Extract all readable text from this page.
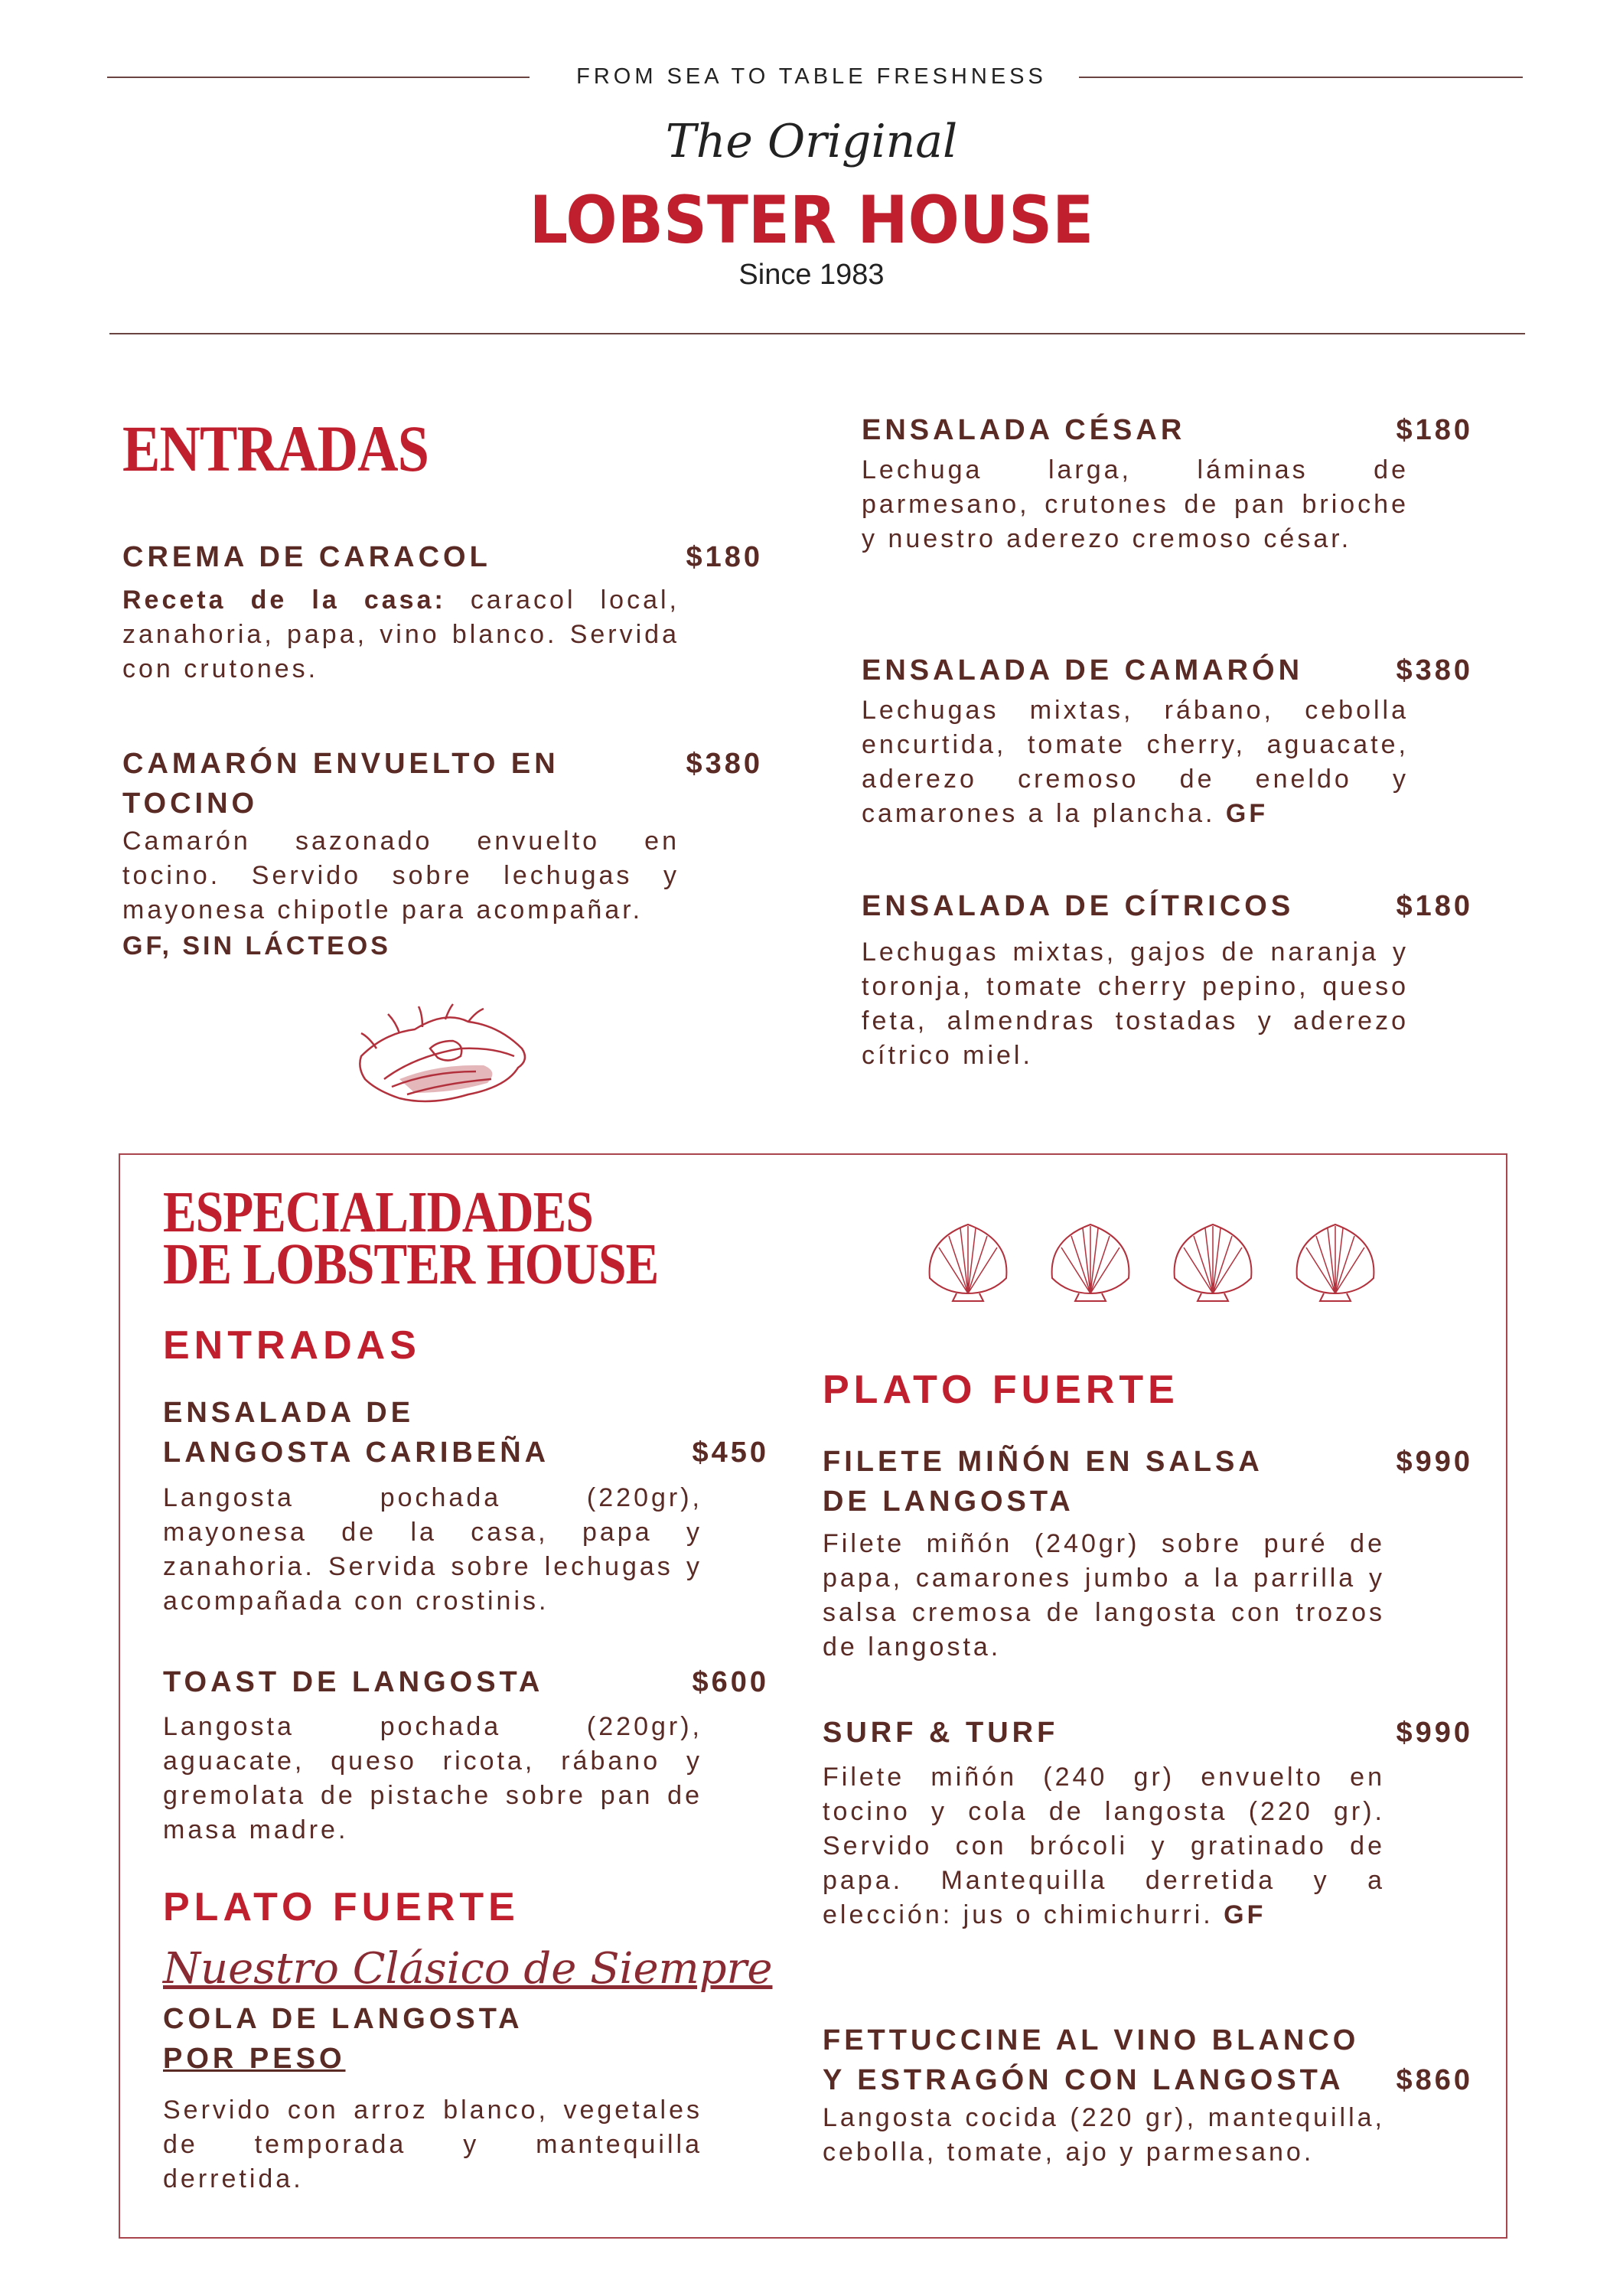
FROM SEA TO TABLE FRESHNESS
The Original
LOBSTER HOUSE
Since 1983
ENTRADAS
CREMA DE CARACOL	$180
Receta de la casa: caracol local, zanahoria, papa, vino blanco. Servida con crutones.
CAMARÓN ENVUELTO EN
TOCINO
$380
Camarón sazonado envuelto en tocino. Servido sobre lechugas y mayonesa chipotle para acompañar.
GF, SIN LÁCTEOS
ENSALADA CÉSAR	$180
Lechuga larga, láminas de parmesano, crutones de pan brioche y nuestro aderezo cremoso césar.
ENSALADA DE CAMARÓN	$380
Lechugas mixtas, rábano, cebolla encurtida, tomate cherry, aguacate, aderezo cremoso de eneldo y camarones a la plancha. GF
ENSALADA DE CÍTRICOS	$180
Lechugas mixtas, gajos de naranja y toronja, tomate cherry pepino, queso feta, almendras tostadas y aderezo cítrico miel.
ESPECIALIDADES
DE LOBSTER HOUSE
ENTRADAS
ENSALADA DE
LANGOSTA CARIBEÑA	$450
Langosta pochada (220gr), mayonesa de la casa, papa y zanahoria. Servida sobre lechugas y acompañada con crostinis.
TOAST DE LANGOSTA	$600
Langosta pochada (220gr), aguacate, queso ricota, rábano y gremolata de pistache sobre pan de masa madre.
PLATO FUERTE
Nuestro Clásico de Siempre
COLA DE LANGOSTA
POR PESO
Servido con arroz blanco, vegetales de temporada y mantequilla derretida.
PLATO FUERTE
FILETE MIÑÓN EN SALSA
DE LANGOSTA
$990
Filete miñón (240gr) sobre puré de papa, camarones jumbo a la parrilla y salsa cremosa de langosta con trozos de langosta.
SURF & TURF	$990
Filete miñón (240 gr) envuelto en tocino y cola de langosta (220 gr). Servido con brócoli y gratinado de papa. Mantequilla derretida y a elección: jus o chimichurri. GF
FETTUCCINE AL VINO BLANCO
Y ESTRAGÓN CON LANGOSTA	$860
Langosta cocida (220 gr), mantequilla, cebolla, tomate, ajo y parmesano.
